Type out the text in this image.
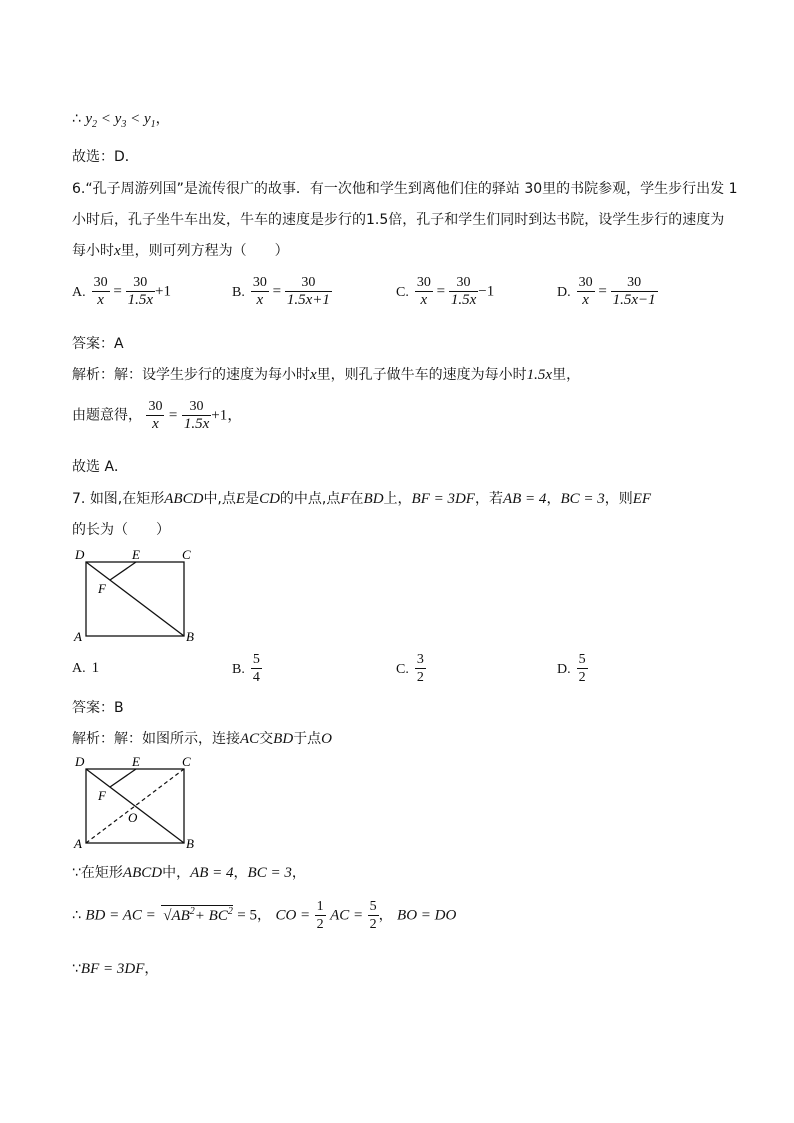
∴ $y_2 < y_3 < y_1$，
故选：D．
6.“孔子周游列国”是流传很广的故事．有一次他和学生到离他们住的驿站 30里的书院参观，学生步行出发 1
小时后，孔子坐牛车出发，牛车的速度是步行的1.5倍，孔子和学生们同时到达书院，设学生步行的速度为
每小时x里，则可列方程为（　　）
A. $\frac{30}{x} = \frac{30}{1.5x} +1$	B. $\frac{30}{x} = \frac{30}{1.5x+1}$	C. $\frac{30}{x} = \frac{30}{1.5x} -1$	D. $\frac{30}{x} = \frac{30}{1.5x-1}$
答案：A
解析：解：设学生步行的速度为每小时x里，则孔子做牛车的速度为每小时1.5x里，
由题意得， $\frac{30}{x} = \frac{30}{1.5x} +1$，
故选 A．
7. 如图,在矩形ABCD中,点E是CD的中点,点F在BD上，BF = 3DF，若AB = 4，BC = 3，则EF
的长为（　　）
D	E	C
F
A	B
A. 1	B. $\frac{5}{4}$	C. $\frac{3}{2}$	D. $\frac{5}{2}$
答案：B
解析：解：如图所示，连接AC交BD于点O
D	E	C
F
O
A	B
∵在矩形ABCD中，AB = 4，BC = 3，
∴ BD = AC = $√AB^2+ BC^2 = 5$， CO = $\frac{1}{2}$ AC = $\frac{5}{2}$ ， BO = DO
∵BF = 3DF，
